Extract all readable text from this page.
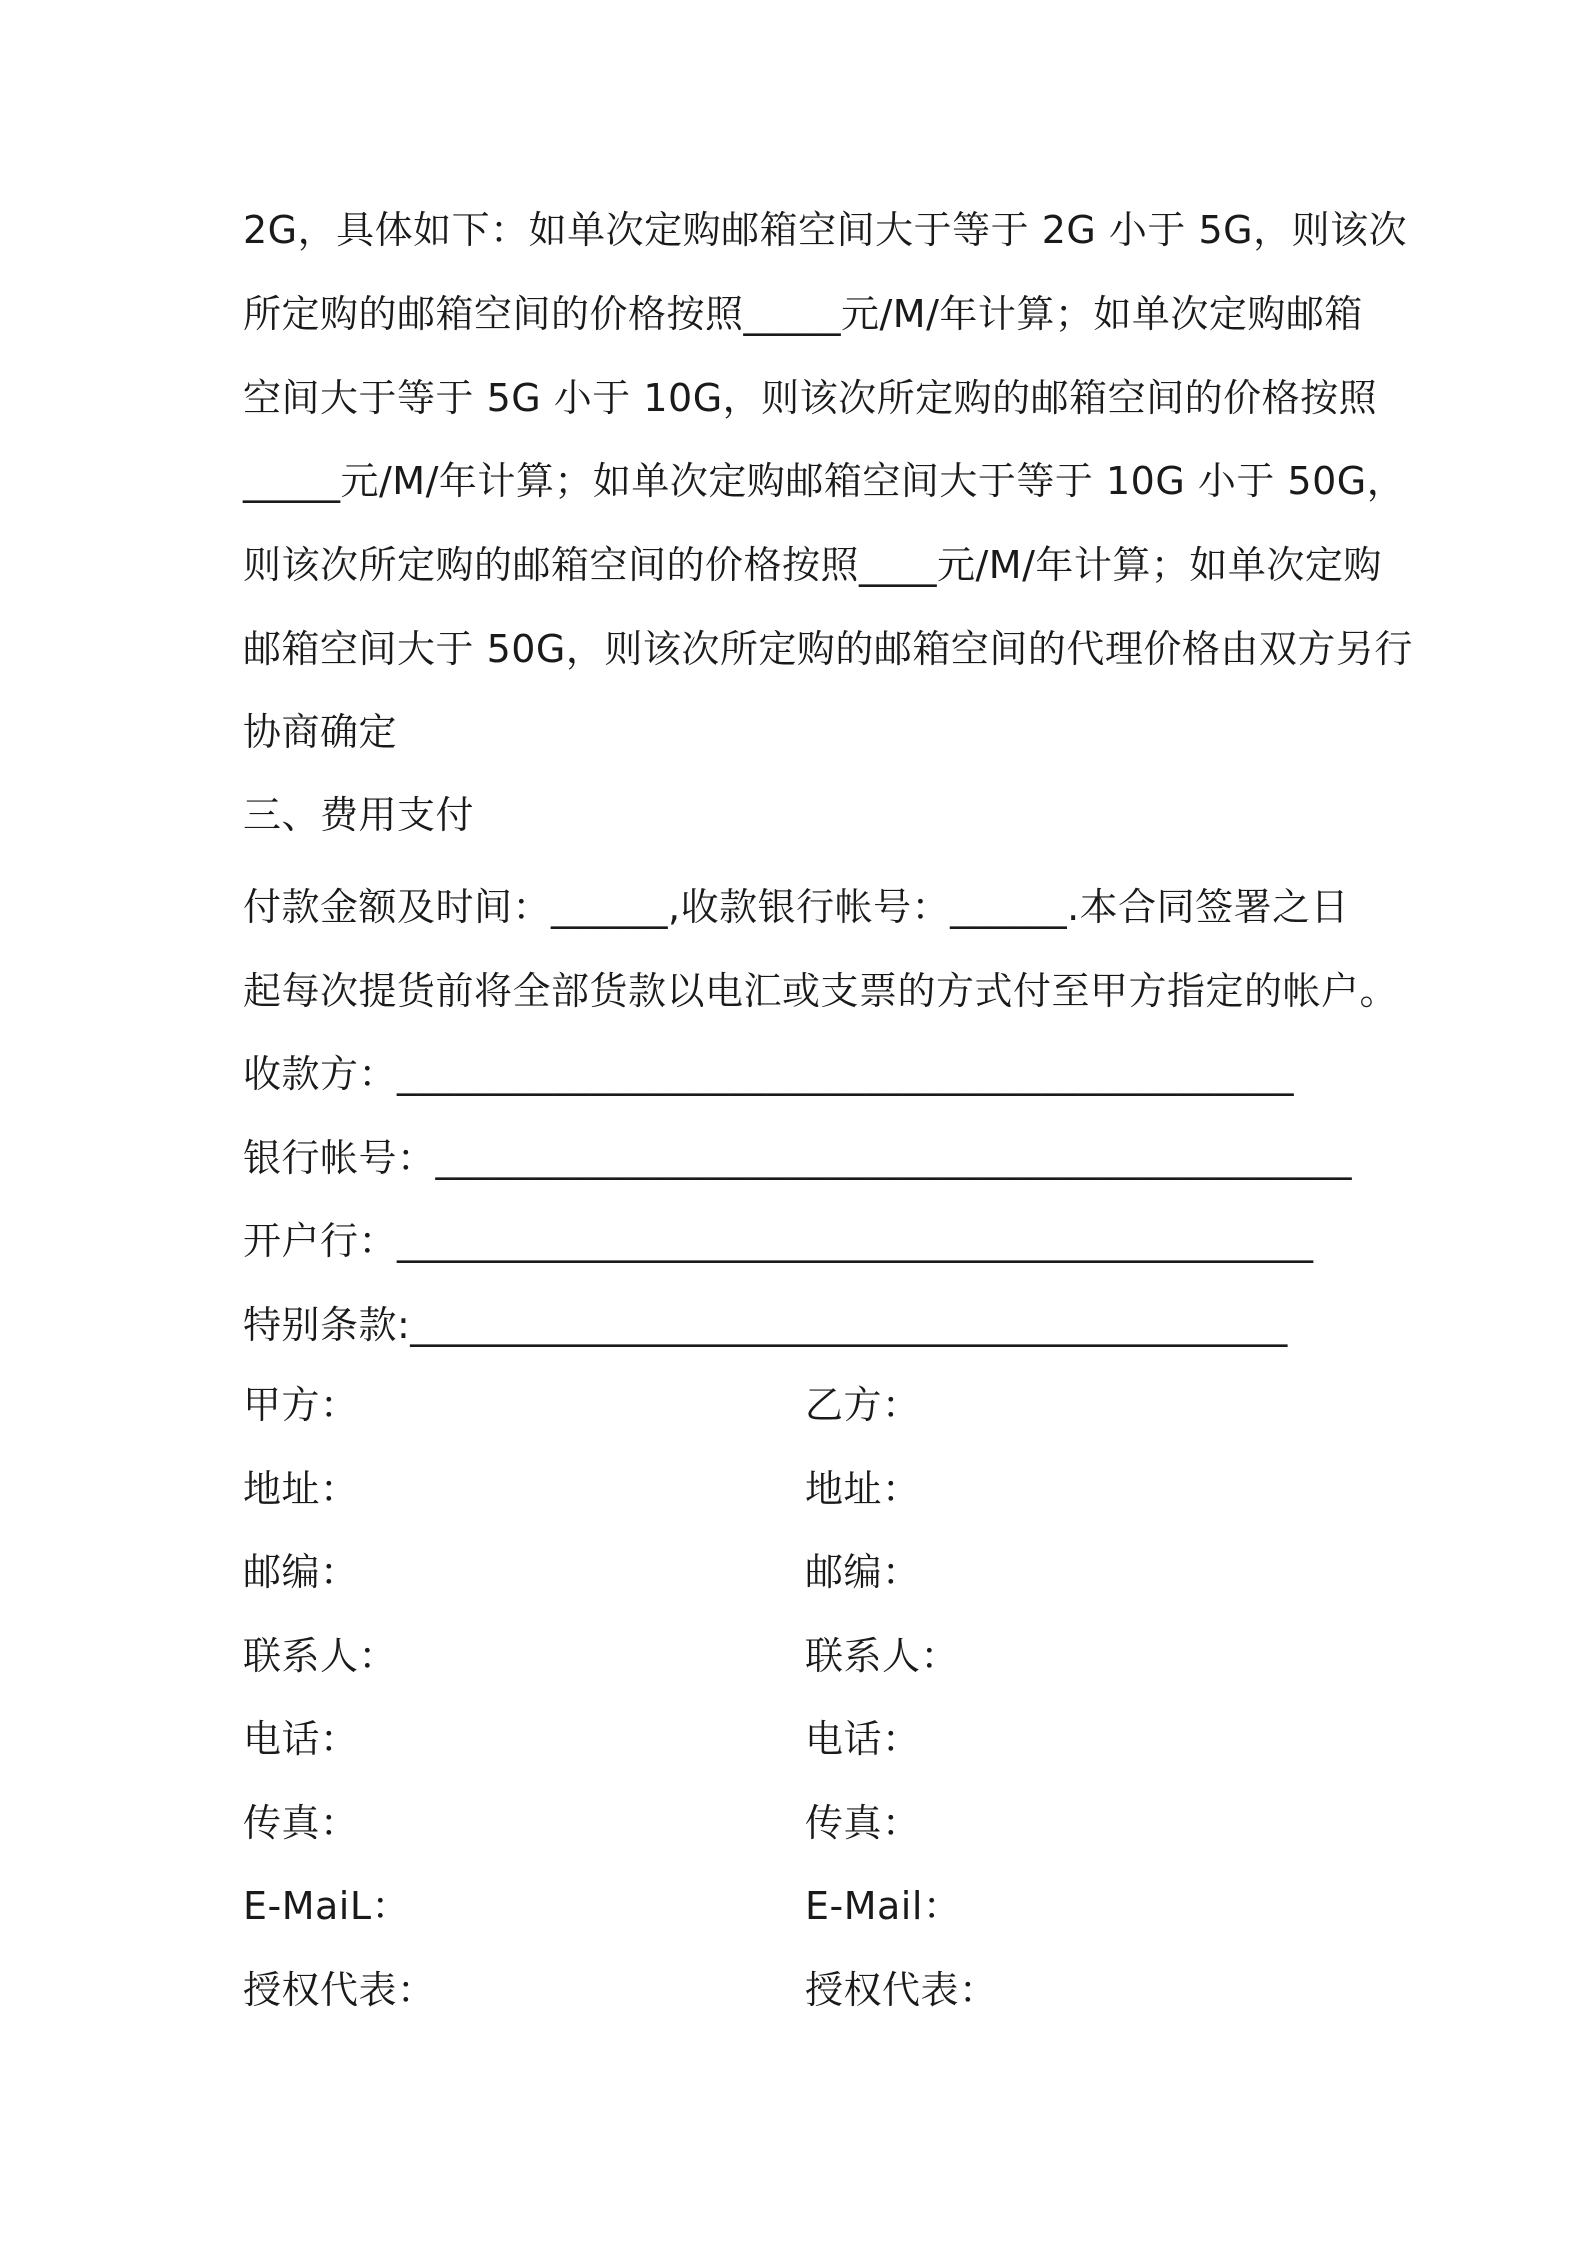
2G，具体如下：如单次定购邮箱空间大于等于 2G 小于 5G，则该次
所定购的邮箱空间的价格按照_____元/M/年计算；如单次定购邮箱
空间大于等于 5G 小于 10G，则该次所定购的邮箱空间的价格按照
_____元/M/年计算；如单次定购邮箱空间大于等于 10G 小于 50G，
则该次所定购的邮箱空间的价格按照____元/M/年计算；如单次定购
邮箱空间大于 50G，则该次所定购的邮箱空间的代理价格由双方另行
协商确定
三、费用支付
付款金额及时间：______,收款银行帐号：______.本合同签署之日
起每次提货前将全部货款以电汇或支票的方式付至甲方指定的帐户。
收款方：______________________________________________
银行帐号：_______________________________________________
开户行：_______________________________________________
特别条款:_____________________________________________
甲方：	乙方：
地址：	地址：
邮编：	邮编：
联系人：	联系人：
电话：	电话：
传真：	传真：
E-MaiL：	E-Mail：
授权代表：	授权代表：
